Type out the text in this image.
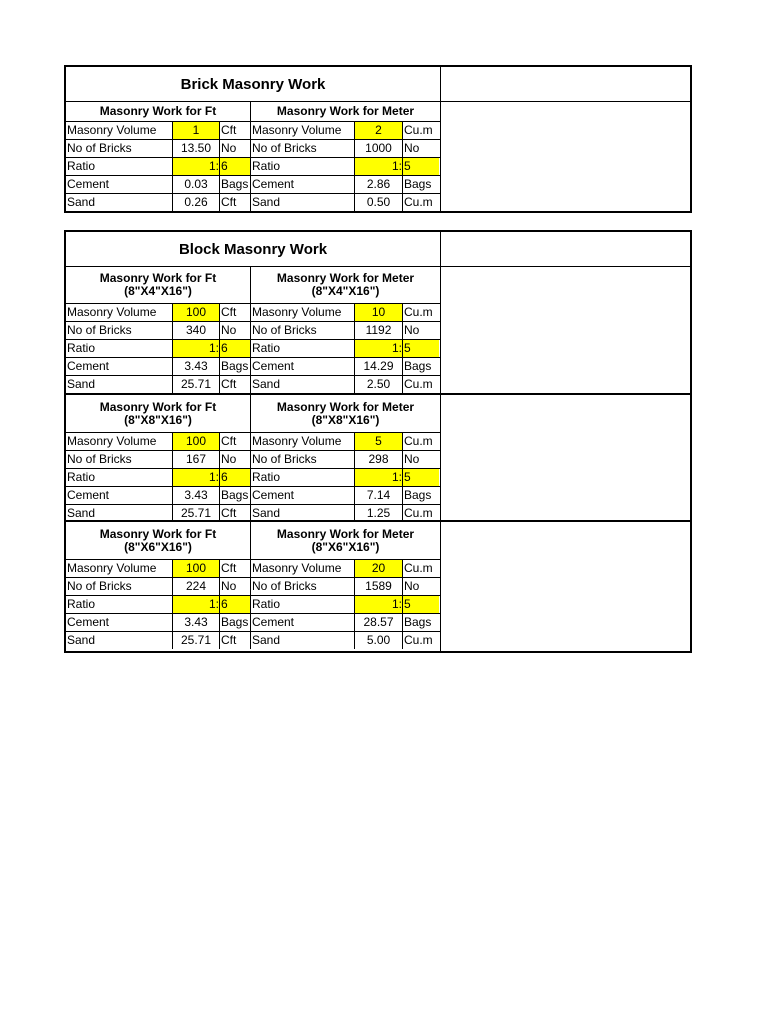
Brick Masonry Work
Masonry Work for Ft	Masonry Work for Meter
Masonry Volume	1	Cft	Masonry Volume	2	Cu.m
No of Bricks	13.50 No	No of Bricks	1000	No
Ratio	1: 6	Ratio	1: 5
Cement	0.03	Bags Cement	2.86	Bags
Sand	0.26	Cft	Sand	0.50	Cu.m
Block Masonry Work
Masonry Work for Ft
(8"X4"X16")
Masonry Work for Meter
(8"X4"X16")
Masonry Volume	100	Cft	Masonry Volume	10	Cu.m
No of Bricks	340	No	No of Bricks	1192	No
Ratio	1: 6	Ratio	1: 5
Cement	3.43	Bags Cement	14.29 Bags
Sand	25.71 Cft	Sand	2.50	Cu.m
Masonry Work for Ft
(8"X8"X16")
Masonry Work for Meter
(8"X8"X16")
Masonry Volume	100	Cft	Masonry Volume	5	Cu.m
No of Bricks	167	No	No of Bricks	298	No
Ratio	1: 6	Ratio	1: 5
Cement	3.43	Bags Cement	7.14	Bags
Sand	25.71 Cft	Sand	1.25	Cu.m
Masonry Work for Ft
(8"X6"X16")
Masonry Work for Meter
(8"X6"X16")
Masonry Volume	100	Cft	Masonry Volume	20	Cu.m
No of Bricks	224	No	No of Bricks	1589	No
Ratio	1: 6	Ratio	1: 5
Cement	3.43	Bags Cement	28.57 Bags
Sand	25.71 Cft	Sand	5.00	Cu.m
